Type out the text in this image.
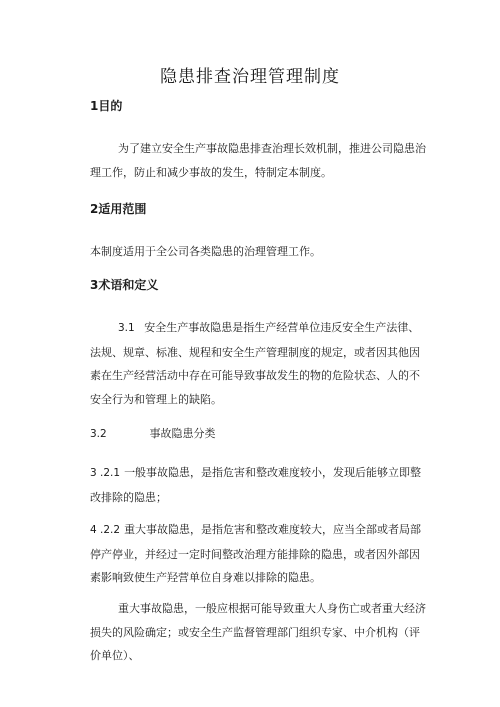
隐患排查治理管理制度
1目的
为了建立安全生产事故隐患排查治理长效机制，推进公司隐患治理工作，防止和减少事故的发生，特制定本制度。
2适用范围
本制度适用于全公司各类隐患的治理管理工作。
3术语和定义
3.1 安全生产事故隐患是指生产经营单位违反安全生产法律、法规、规章、标准、规程和安全生产管理制度的规定，或者因其他因素在生产经营活动中存在可能导致事故发生的物的危险状态、人的不安全行为和管理上的缺陷。
3.2	事故隐患分类
3 .2.1 一般事故隐患，是指危害和整改难度较小，发现后能够立即整改排除的隐患；
4 .2.2 重大事故隐患，是指危害和整改难度较大，应当全部或者局部停产停业，并经过一定时间整改治理方能排除的隐患，或者因外部因素影响致使生产羟营单位自身难以排除的隐患。
重大事故隐患，一般应根据可能导致重大人身伤亡或者重大经济损失的风险确定；或安全生产监督管理部门组织专家、中介机构（评价单位）、
